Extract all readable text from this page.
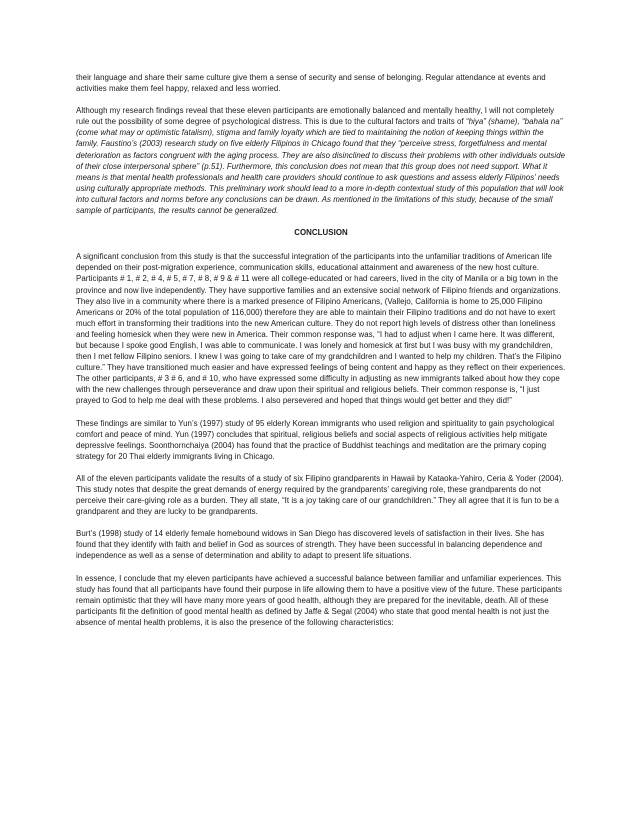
their language and share their same culture give them a sense of security and sense of belonging. Regular attendance at events and activities make them feel happy, relaxed and less worried.

Although my research findings reveal that these eleven participants are emotionally balanced and mentally healthy, I will not completely rule out the possibility of some degree of psychological distress. This is due to the cultural factors and traits of “hiya” (shame), “bahala na” (come what may or optimistic fatalism), stigma and family loyalty which are tied to maintaining the notion of keeping things within the family. Faustino’s (2003) research study on five elderly Filipinos in Chicago found that they “perceive stress, forgetfulness and mental deterioration as factors congruent with the aging process. They are also disinclined to discuss their problems with other individuals outside of their close interpersonal sphere” (p.51). Furthermore, this conclusion does not mean that this group does not need support. What it means is that mental health professionals and health care providers should continue to ask questions and assess elderly Filipinos’ needs using culturally appropriate methods. This preliminary work should lead to a more in-depth contextual study of this population that will look into cultural factors and norms before any conclusions can be drawn. As mentioned in the limitations of this study, because of the small sample of participants, the results cannot be generalized.

CONCLUSION

A significant conclusion from this study is that the successful integration of the participants into the unfamiliar traditions of American life depended on their post-migration experience, communication skills, educational attainment and awareness of the new host culture. Participants # 1, # 2, # 4, # 5, # 7, # 8, # 9 & # 11 were all college-educated or had careers, lived in the city of Manila or a big town in the province and now live independently. They have supportive families and an extensive social network of Filipino friends and organizations. They also live in a community where there is a marked presence of Filipino Americans, (Vallejo, California is home to 25,000 Filipino Americans or 20% of the total population of 116,000) therefore they are able to maintain their Filipino traditions and do not have to exert much effort in transforming their traditions into the new American culture. They do not report high levels of distress other than loneliness and feeling homesick when they were new in America. Their common response was, “I had to adjust when I came here. It was different, but because I spoke good English, I was able to communicate. I was lonely and homesick at first but I was busy with my grandchildren, then I met fellow Filipino seniors. I knew I was going to take care of my grandchildren and I wanted to help my children. That’s the Filipino culture.” They have transitioned much easier and have expressed feelings of being content and happy as they reflect on their experiences. The other participants, # 3 # 6, and # 10, who have expressed some difficulty in adjusting as new immigrants talked about how they cope with the new challenges through perseverance and draw upon their spiritual and religious beliefs. Their common response is, “I just prayed to God to help me deal with these problems. I also persevered and hoped that things would get better and they did!”

These findings are similar to Yun’s (1997) study of 95 elderly Korean immigrants who used religion and spirituality to gain psychological comfort and peace of mind. Yun (1997) concludes that spiritual, religious beliefs and social aspects of religious activities help mitigate depressive feelings. Soonthornchaiya (2004) has found that the practice of Buddhist teachings and meditation are the primary coping strategy for 20 Thai elderly immigrants living in Chicago.

All of the eleven participants validate the results of a study of six Filipino grandparents in Hawaii by Kataoka-Yahiro, Ceria & Yoder (2004). This study notes that despite the great demands of energy required by the grandparents’ caregiving role, these grandparents do not perceive their care-giving role as a burden. They all state, “It is a joy taking care of our grandchildren.” They all agree that it is fun to be a grandparent and they are lucky to be grandparents.

Burt’s (1998) study of 14 elderly female homebound widows in San Diego has discovered levels of satisfaction in their lives. She has found that they identify with faith and belief in God as sources of strength. They have been successful in balancing dependence and independence as well as a sense of determination and ability to adapt to present life situations.

In essence, I conclude that my eleven participants have achieved a successful balance between familiar and unfamiliar experiences. This study has found that all participants have found their purpose in life allowing them to have a positive view of the future. These participants remain optimistic that they will have many more years of good health, although they are prepared for the inevitable, death. All of these participants fit the definition of good mental health as defined by Jaffe & Segal (2004) who state that good mental health is not just the absence of mental health problems, it is also the presence of the following characteristics:
